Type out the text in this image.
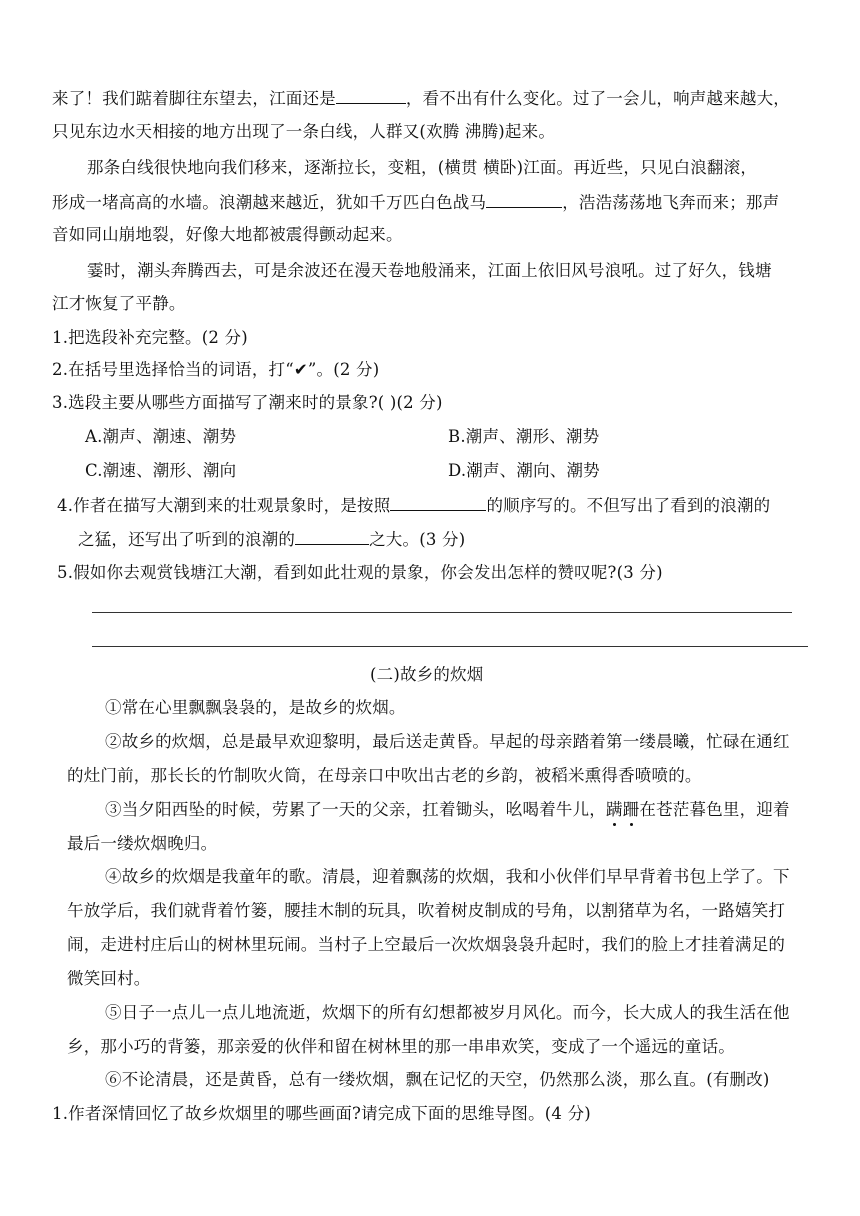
来了！我们踮着脚往东望去，江面还是	，看不出有什么变化。过了一会儿，响声越来越大，
只见东边水天相接的地方出现了一条白线，人群又(欢腾 沸腾)起来。
那条白线很快地向我们移来，逐渐拉长，变粗，(横贯 横卧)江面。再近些，只见白浪翻滚，
形成一堵高高的水墙。浪潮越来越近，犹如千万匹白色战马	，浩浩荡荡地飞奔而来；那声
音如同山崩地裂，好像大地都被震得颤动起来。
霎时，潮头奔腾西去，可是余波还在漫天卷地般涌来，江面上依旧风号浪吼。过了好久，钱塘
江才恢复了平静。
1.把选段补充完整。(2 分)
2.在括号里选择恰当的词语，打“✔”。(2 分)
3.选段主要从哪些方面描写了潮来时的景象?( )(2 分)
A.潮声、潮速、潮势	B.潮声、潮形、潮势
C.潮速、潮形、潮向	D.潮声、潮向、潮势
4.作者在描写大潮到来的壮观景象时，是按照	的顺序写的。不但写出了看到的浪潮的
之猛，还写出了听到的浪潮的	之大。(3 分)
5.假如你去观赏钱塘江大潮，看到如此壮观的景象，你会发出怎样的赞叹呢?(3 分)
(二)故乡的炊烟
①常在心里飘飘袅袅的，是故乡的炊烟。
②故乡的炊烟，总是最早欢迎黎明，最后送走黄昏。早起的母亲踏着第一缕晨曦，忙碌在通红
的灶门前，那长长的竹制吹火筒，在母亲口中吹出古老的乡韵，被稻米熏得香喷喷的。
③当夕阳西坠的时候，劳累了一天的父亲，扛着锄头，吆喝着牛儿，蹒
跚
在苍茫暮色里，迎着
最后一缕炊烟晚归。
④故乡的炊烟是我童年的歌。清晨，迎着飘荡的炊烟，我和小伙伴们早早背着书包上学了。下
午放学后，我们就背着竹篓，腰挂木制的玩具，吹着树皮制成的号角，以割猪草为名，一路嬉笑打
闹，走进村庄后山的树林里玩闹。当村子上空最后一次炊烟袅袅升起时，我们的脸上才挂着满足的
微笑回村。
⑤日子一点儿一点儿地流逝，炊烟下的所有幻想都被岁月风化。而今，长大成人的我生活在他
乡，那小巧的背篓，那亲爱的伙伴和留在树林里的那一串串欢笑，变成了一个遥远的童话。
⑥不论清晨，还是黄昏，总有一缕炊烟，飘在记忆的天空，仍然那么淡，那么直。(有删改)
1.作者深情回忆了故乡炊烟里的哪些画面?请完成下面的思维导图。(4 分)
